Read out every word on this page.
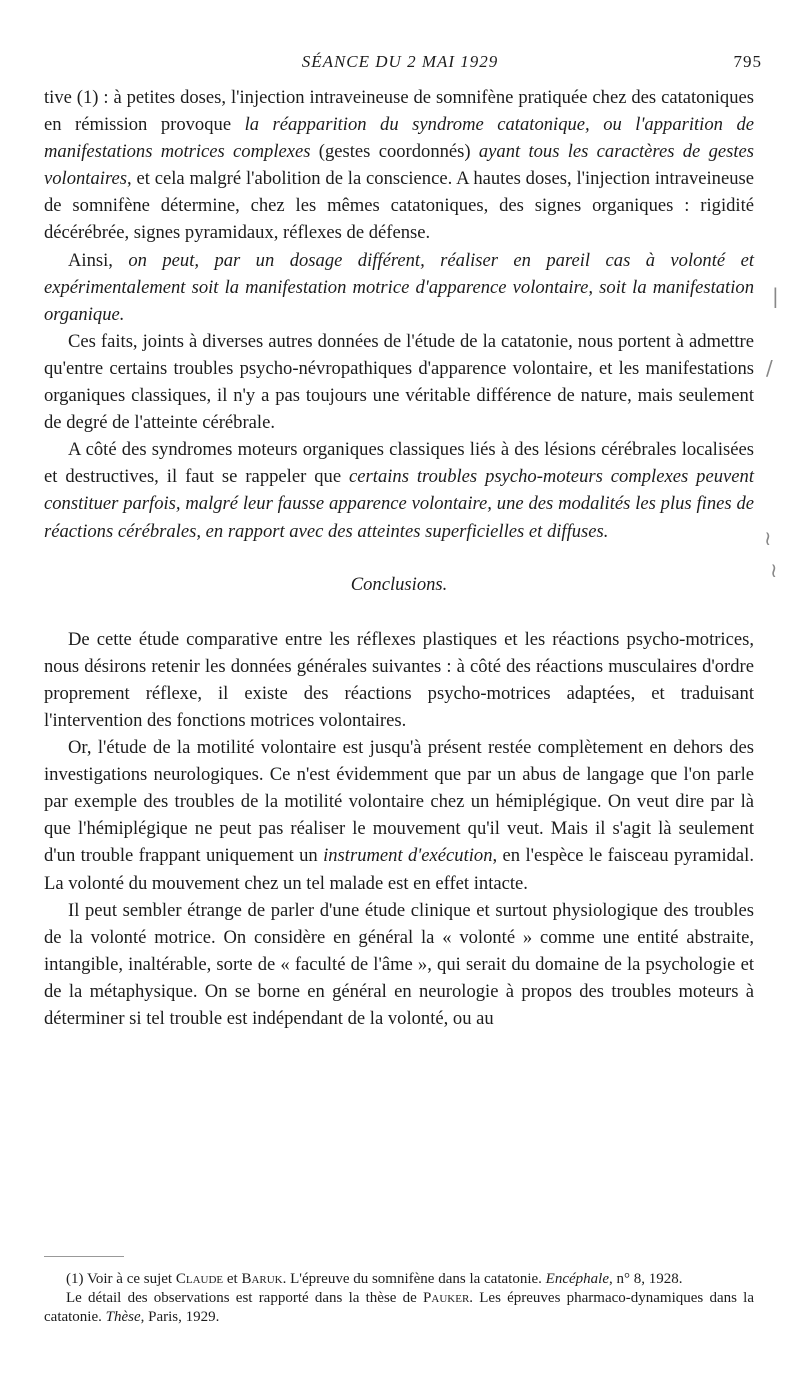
SÉANCE DU 2 MAI 1929	795

tive (1) : à petites doses, l'injection intraveineuse de somnifène pratiquée chez des catatoniques en rémission provoque la réapparition du syndrome catatonique, ou l'apparition de manifestations motrices complexes (gestes coordonnés) ayant tous les caractères de gestes volontaires, et cela malgré l'abolition de la conscience. A hautes doses, l'injection intraveineuse de somnifène détermine, chez les mêmes catatoniques, des signes organiques : rigidité décérébrée, signes pyramidaux, réflexes de défense.

Ainsi, on peut, par un dosage différent, réaliser en pareil cas à volonté et expérimentalement soit la manifestation motrice d'apparence volontaire, soit la manifestation organique.

Ces faits, joints à diverses autres données de l'étude de la catatonie, nous portent à admettre qu'entre certains troubles psycho-névropathiques d'apparence volontaire, et les manifestations organiques classiques, il n'y a pas toujours une véritable différence de nature, mais seulement de degré de l'atteinte cérébrale.

A côté des syndromes moteurs organiques classiques liés à des lésions cérébrales localisées et destructives, il faut se rappeler que certains troubles psycho-moteurs complexes peuvent constituer parfois, malgré leur fausse apparence volontaire, une des modalités les plus fines de réactions cérébrales, en rapport avec des atteintes superficielles et diffuses.

Conclusions.

De cette étude comparative entre les réflexes plastiques et les réactions psycho-motrices, nous désirons retenir les données générales suivantes : à côté des réactions musculaires d'ordre proprement réflexe, il existe des réactions psycho-motrices adaptées, et traduisant l'intervention des fonctions motrices volontaires.

Or, l'étude de la motilité volontaire est jusqu'à présent restée complètement en dehors des investigations neurologiques. Ce n'est évidemment que par un abus de langage que l'on parle par exemple des troubles de la motilité volontaire chez un hémiplégique. On veut dire par là que l'hémiplégique ne peut pas réaliser le mouvement qu'il veut. Mais il s'agit là seulement d'un trouble frappant uniquement un instrument d'exécution, en l'espèce le faisceau pyramidal. La volonté du mouvement chez un tel malade est en effet intacte.

Il peut sembler étrange de parler d'une étude clinique et surtout physiologique des troubles de la volonté motrice. On considère en général la « volonté » comme une entité abstraite, intangible, inaltérable, sorte de « faculté de l'âme », qui serait du domaine de la psychologie et de la métaphysique. On se borne en général en neurologie à propos des troubles moteurs à déterminer si tel trouble est indépendant de la volonté, ou au

(1) Voir à ce sujet Claude et Baruk. L'épreuve du somnifène dans la catatonie. Encéphale, n° 8, 1928.

Le détail des observations est rapporté dans la thèse de Pauker. Les épreuves pharmaco-dynamiques dans la catatonie. Thèse, Paris, 1929.

|
/
≀
≀
